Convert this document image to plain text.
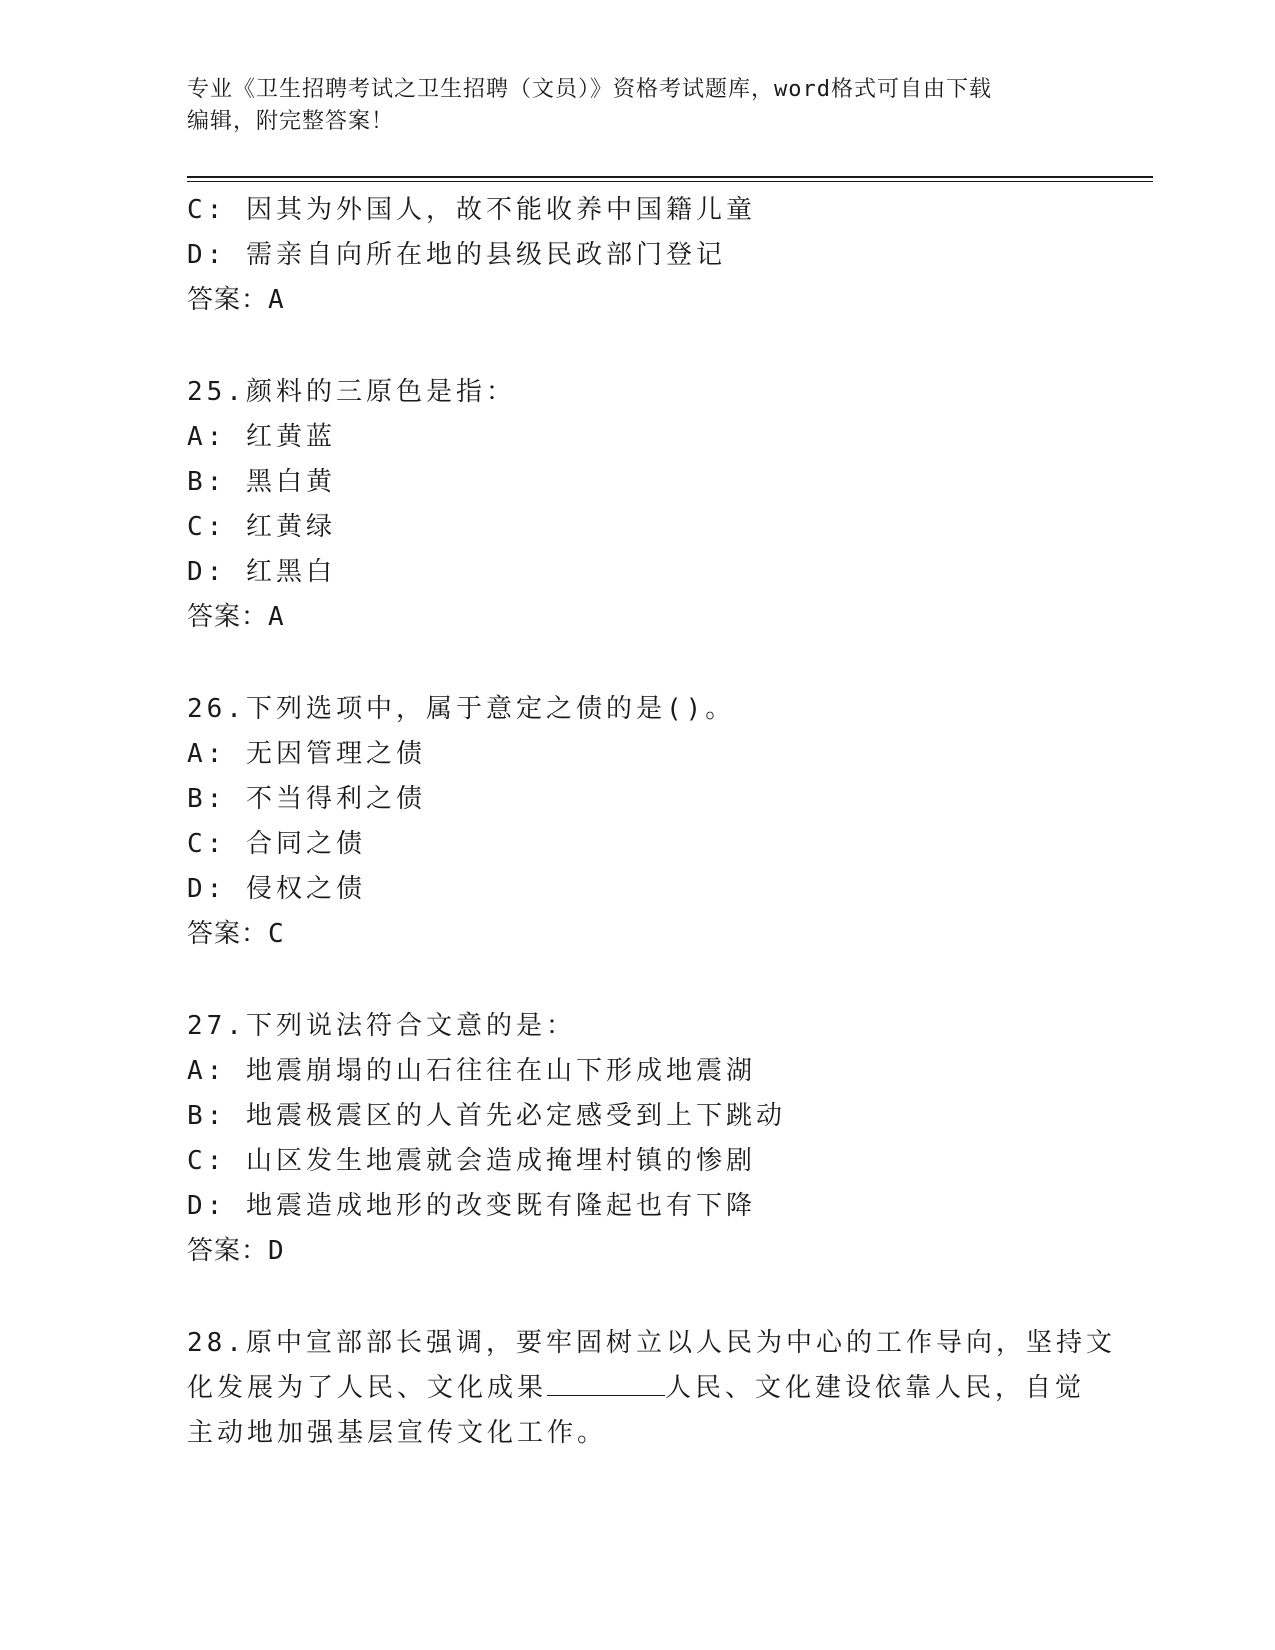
专业《卫生招聘考试之卫生招聘（文员）》资格考试题库，word格式可自由下载
编辑，附完整答案！
C: 因其为外国人，故不能收养中国籍儿童
D: 需亲自向所在地的县级民政部门登记
答案：A
25.颜料的三原色是指：
A: 红黄蓝
B: 黑白黄
C: 红黄绿
D: 红黑白
答案：A
26.下列选项中，属于意定之债的是()。
A: 无因管理之债
B: 不当得利之债
C: 合同之债
D: 侵权之债
答案：C
27.下列说法符合文意的是：
A: 地震崩塌的山石往往在山下形成地震湖
B: 地震极震区的人首先必定感受到上下跳动
C: 山区发生地震就会造成掩埋村镇的惨剧
D: 地震造成地形的改变既有隆起也有下降
答案：D
28.原中宣部部长强调，要牢固树立以人民为中心的工作导向，坚持文
化发展为了人民、文化成果	人民、文化建设依靠人民，自觉
主动地加强基层宣传文化工作。
